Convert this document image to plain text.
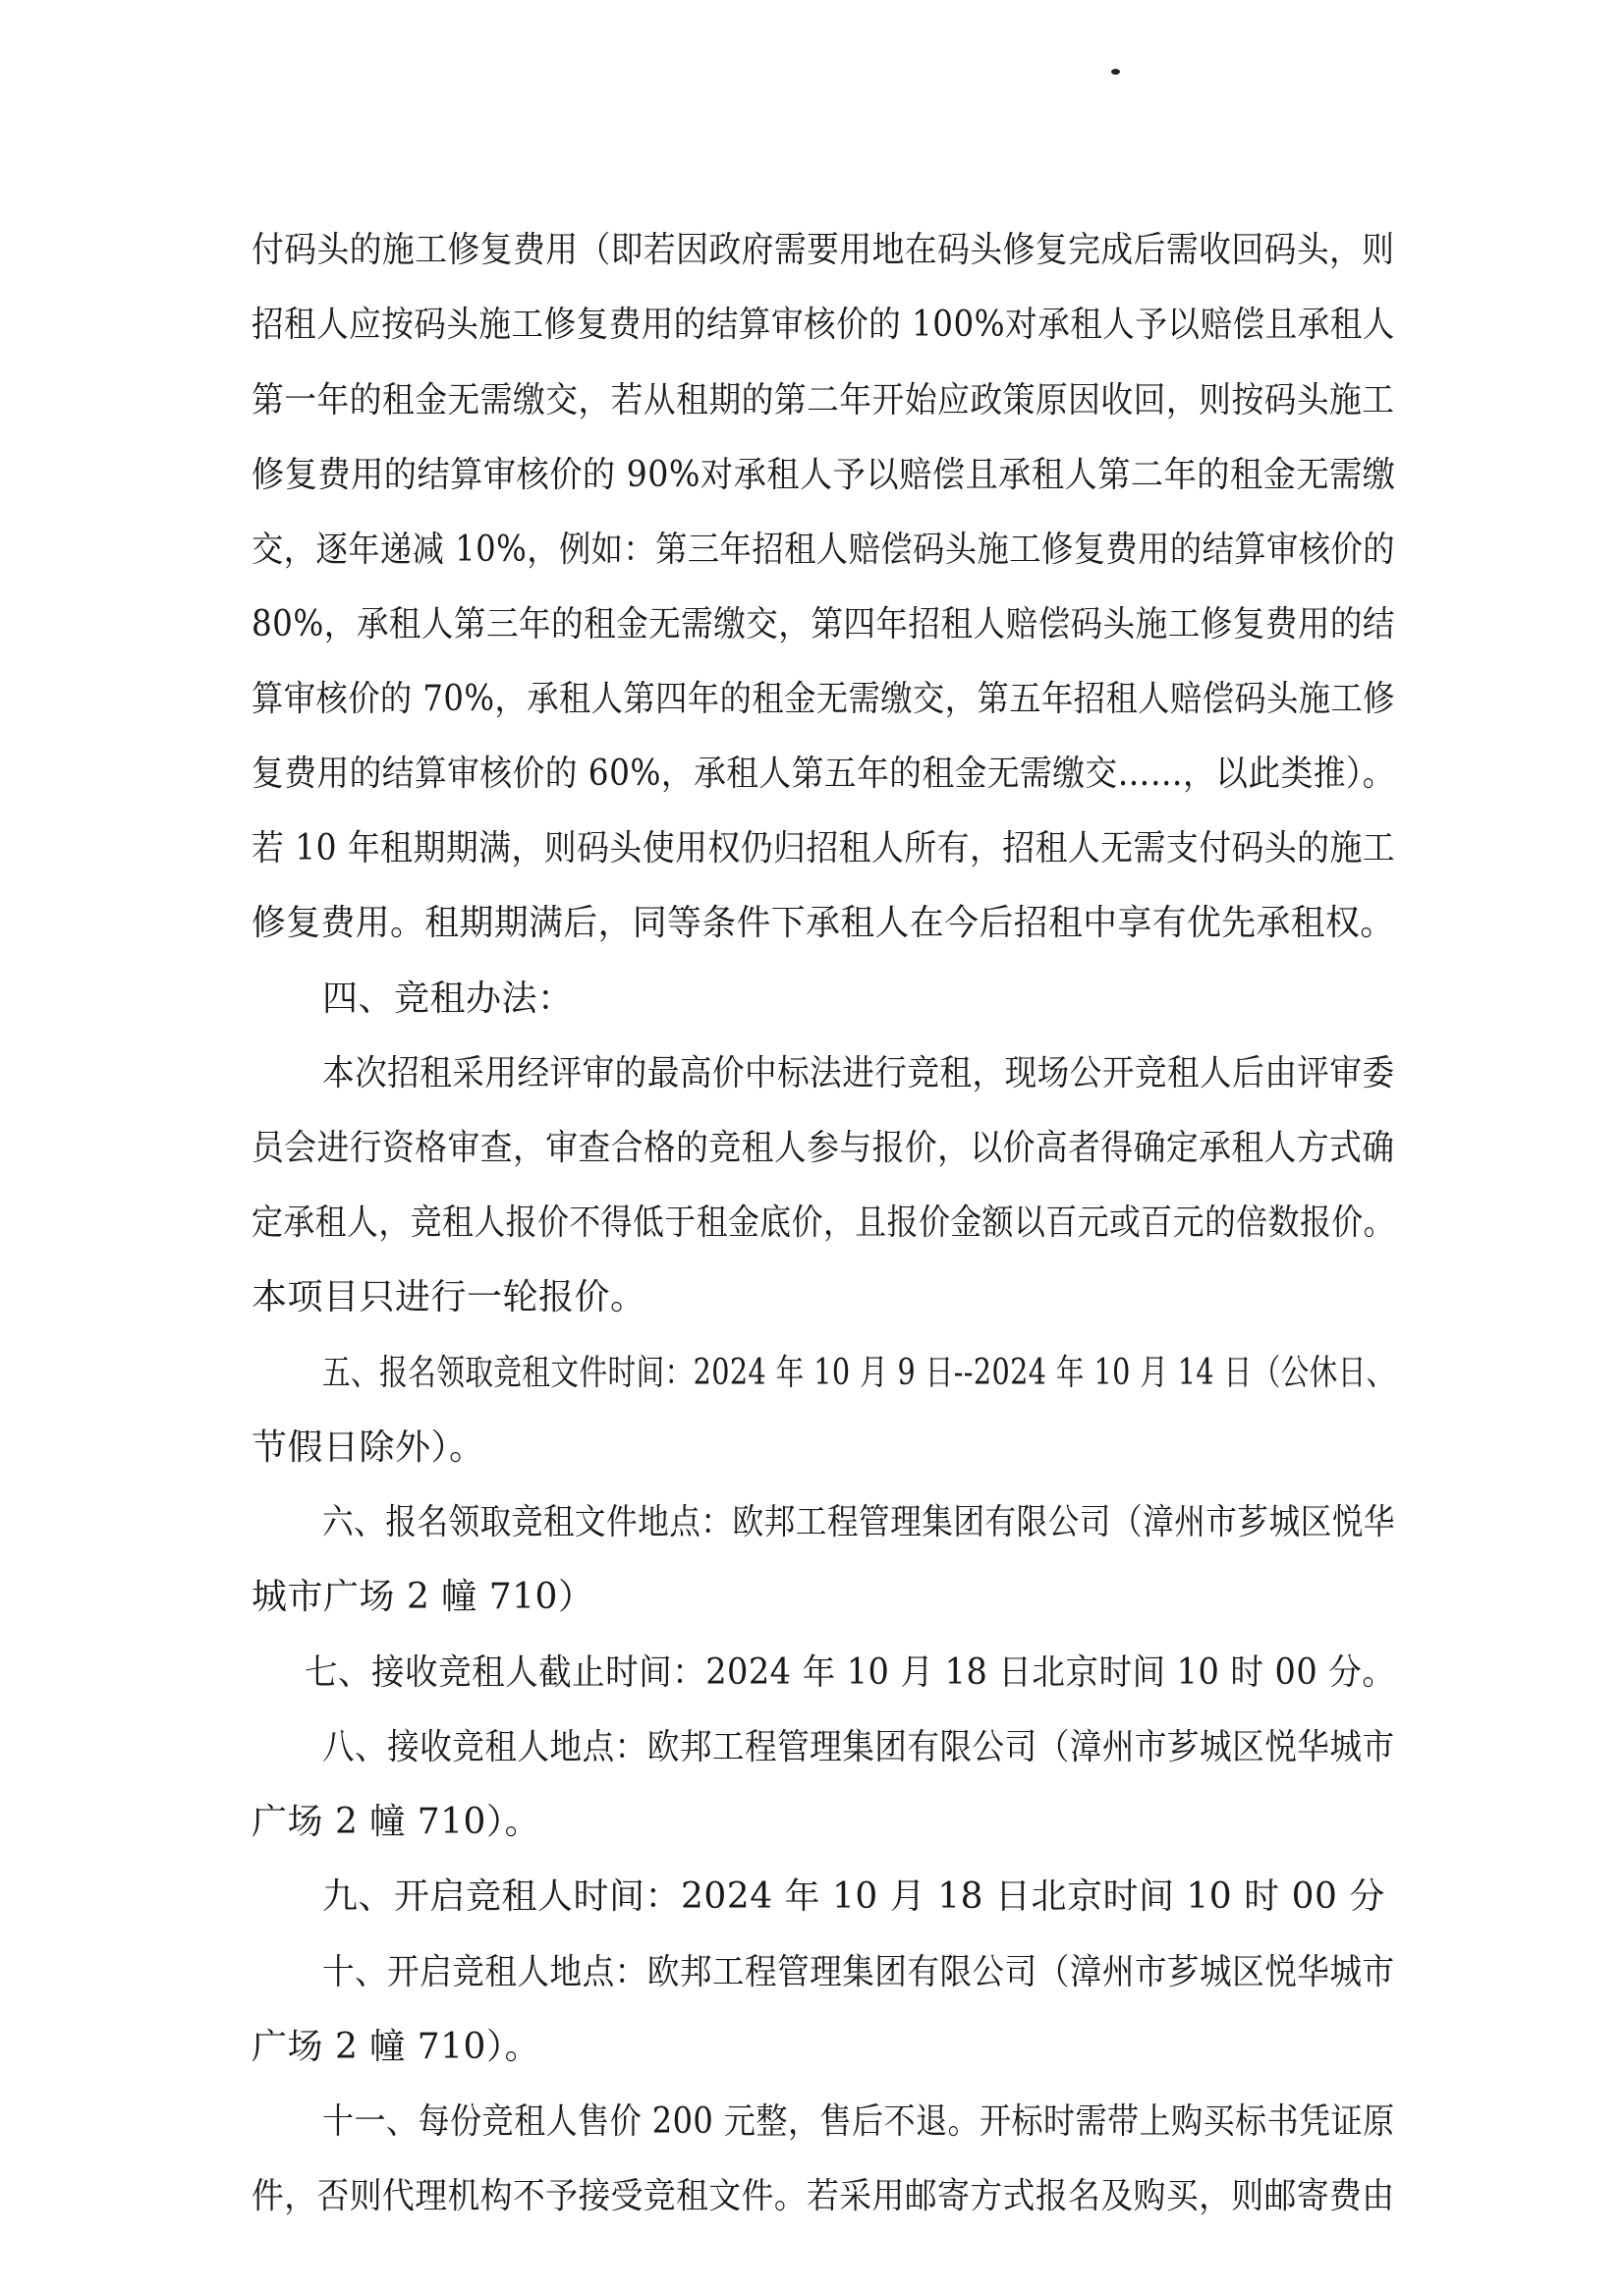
付码头的施工修复费用（即若因政府需要用地在码头修复完成后需收回码头，则
招租人应按码头施工修复费用的结算审核价的 100%对承租人予以赔偿且承租人
第一年的租金无需缴交，若从租期的第二年开始应政策原因收回，则按码头施工
修复费用的结算审核价的 90%对承租人予以赔偿且承租人第二年的租金无需缴
交，逐年递减 10%，例如：第三年招租人赔偿码头施工修复费用的结算审核价的
80%，承租人第三年的租金无需缴交，第四年招租人赔偿码头施工修复费用的结
算审核价的 70%，承租人第四年的租金无需缴交，第五年招租人赔偿码头施工修
复费用的结算审核价的 60%，承租人第五年的租金无需缴交……，以此类推）。
若 10 年租期期满，则码头使用权仍归招租人所有，招租人无需支付码头的施工
修复费用。租期期满后，同等条件下承租人在今后招租中享有优先承租权。
四、竞租办法：
本次招租采用经评审的最高价中标法进行竞租，现场公开竞租人后由评审委
员会进行资格审查，审查合格的竞租人参与报价，以价高者得确定承租人方式确
定承租人，竞租人报价不得低于租金底价，且报价金额以百元或百元的倍数报价。
本项目只进行一轮报价。
五、报名领取竞租文件时间：2024 年 10 月 9 日--2024 年 10 月 14 日（公休日、
节假日除外）。
六、报名领取竞租文件地点：欧邦工程管理集团有限公司（漳州市芗城区悦华
城市广场 2 幢 710）
七、接收竞租人截止时间：2024 年 10 月 18 日北京时间 10 时 00 分。
八、接收竞租人地点：欧邦工程管理集团有限公司（漳州市芗城区悦华城市
广场 2 幢 710）。
九、开启竞租人时间：2024 年 10 月 18 日北京时间 10 时 00 分
十、开启竞租人地点：欧邦工程管理集团有限公司（漳州市芗城区悦华城市
广场 2 幢 710）。
十一、每份竞租人售价 200 元整，售后不退。开标时需带上购买标书凭证原
件，否则代理机构不予接受竞租文件。若采用邮寄方式报名及购买，则邮寄费由
